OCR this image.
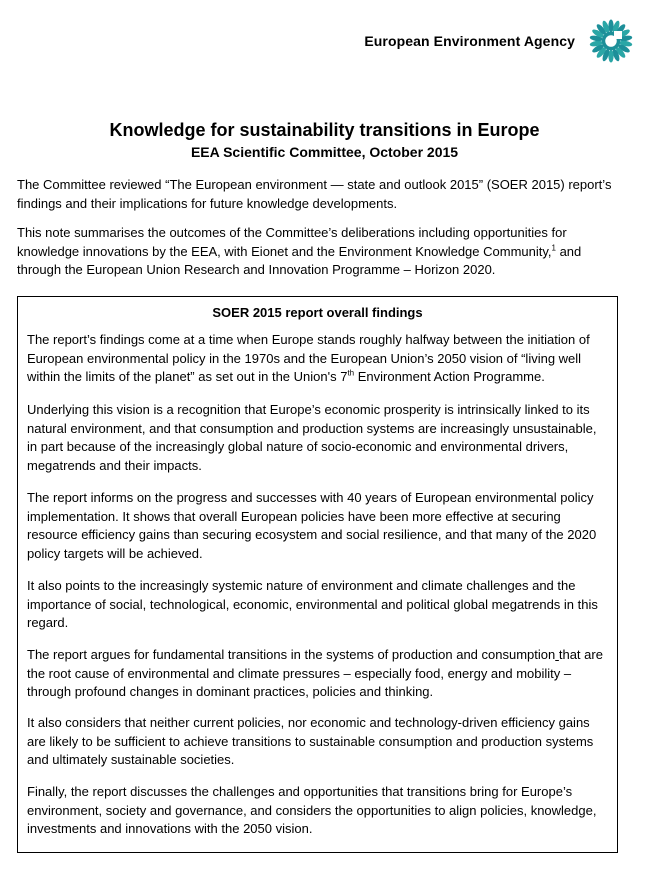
European Environment Agency

Knowledge for sustainability transitions in Europe

EEA Scientific Committee, October 2015

The Committee reviewed “The European environment — state and outlook 2015” (SOER 2015) report’s findings and their implications for future knowledge developments.

This note summarises the outcomes of the Committee’s deliberations including opportunities for knowledge innovations by the EEA, with Eionet and the Environment Knowledge Community,$^1$ and through the European Union Research and Innovation Programme – Horizon 2020.

SOER 2015 report overall findings

The report’s findings come at a time when Europe stands roughly halfway between the initiation of European environmental policy in the 1970s and the European Union’s 2050 vision of “living well within the limits of the planet” as set out in the Union's 7th Environment Action Programme.

Underlying this vision is a recognition that Europe’s economic prosperity is intrinsically linked to its natural environment, and that consumption and production systems are increasingly unsustainable, in part because of the increasingly global nature of socio-economic and environmental drivers, megatrends and their impacts.

The report informs on the progress and successes with 40 years of European environmental policy implementation. It shows that overall European policies have been more effective at securing resource efficiency gains than securing ecosystem and social resilience, and that many of the 2020 policy targets will be achieved.

It also points to the increasingly systemic nature of environment and climate challenges and the importance of social, technological, economic, environmental and political global megatrends in this regard.

The report argues for fundamental transitions in the systems of production and consumption that are the root cause of environmental and climate pressures – especially food, energy and mobility – through profound changes in dominant practices, policies and thinking.

It also considers that neither current policies, nor economic and technology-driven efficiency gains are likely to be sufficient to achieve transitions to sustainable consumption and production systems and ultimately sustainable societies.

Finally, the report discusses the challenges and opportunities that transitions bring for Europe’s environment, society and governance, and considers the opportunities to align policies, knowledge, investments and innovations with the 2050 vision.
